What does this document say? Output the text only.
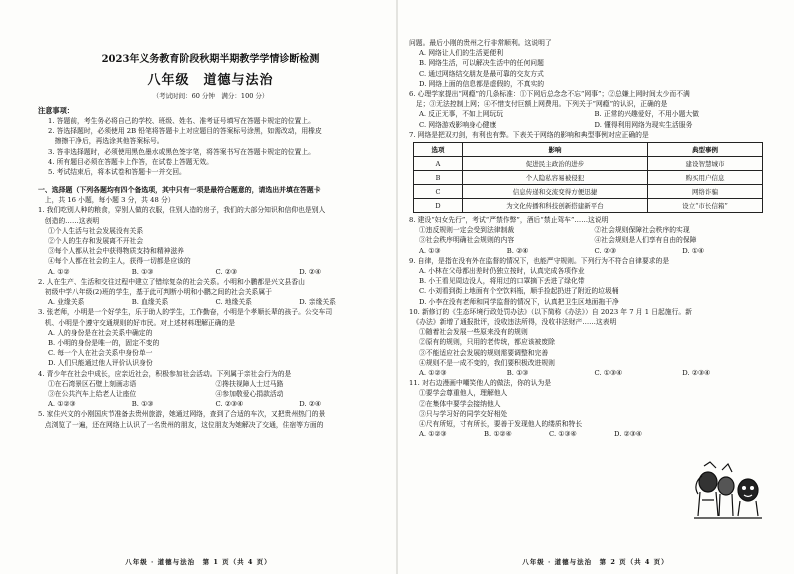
2023年义务教育阶段秋期半期教学学情诊断检测
八年级　道德与法治
（考试时间：60 分钟　满分：100 分）
注意事项：
1. 答题前，考生务必将自己的学校、班级、姓名、准考证号填写在答题卡规定的位置上。
2. 答选择题时，必须使用 2B 铅笔将答题卡上对应题目的答案标号涂黑，如需改动，用橡皮
　擦擦干净后，再选涂其他答案标号。
3. 答非选择题时，必须使用黑色墨水或黑色签字笔，将答案书写在答题卡规定的位置上。
4. 所有题目必须在答题卡上作答，在试卷上答题无效。
5. 考试结束后，将本试卷和答题卡一并交回。
一、选择题（下列各题均有四个备选项，其中只有一项是最符合题意的，请选出并填在答题卡
　上，共 16 小题，每小题 3 分，共 48 分）
1. 我们吃别人种的粮食，穿别人做的衣服，住别人造的房子，我们的大部分知识和信仰也是别人
　创造的……这表明
①个人生活与社会发展没有关系
②个人的生存和发展离不开社会
③每个人都从社会中获得物质支持和精神滋养
④每个人都在社会的主人，获得一切都是应该的
A. ①②	B. ①③	C. ②③	D. ②④
2. 人在生产、生活和交往过程中建立了错综复杂的社会关系。小明和小鹏都是兴文县香山
　初级中学八年级(2)班的学生，基于此可判断小明和小鹏之间的社会关系属于
A. 业缘关系	B. 血缘关系	C. 地缘关系	D. 亲缘关系
3. 张老师，小明是一个好学生，乐于助人的学生，工作勤奋，小明是个孝顺长辈的孩子。公交车司
　机、小明是个遵守交通规则的好市民。对上述材料理解正确的是
A. 人的身份是在社会关系中确定的
B. 小明的身份是唯一的，固定不变的
C. 每一个人在社会关系中身份单一
D. 人们只能通过他人评价认识身份
4. 青少年在社会中成长，应亲近社会，积极参加社会活动。下列属于亲社会行为的是
①在石湾景区石壁上刻画志语	②搀扶视障人士过马路
③在公共汽车上给老人让座位	④参加敬爱心捐款活动
A. ①②③	B. ①③	C. ②③④	D. ②④
5. 家住兴文的小刚国庆节准备去贵州旅游，她通过网络，查到了合适的车次，又把贵州热门的景
　点浏览了一遍，还在网络上认识了一名贵州的朋友，这位朋友为她解决了交通，住宿等方面的
八年级 · 道德与法治　第 1 页（共 4 页）
问题。最后小刚的贵州之行非常顺利。这说明了
A. 网络让人们的生活更便利
B. 网络生活，可以解决生活中的任何问题
C. 通过网络结交朋友是最可靠的交友方式
D. 网络上面的信息都是虚假的，不真实的
6. 心理学家提出“网瘾”的几条标准：①下网后总念念不忘“网事”；②总嫌上网时间太少而不满
　足；③无法控制上网；④不惜支付巨额上网费用。下列关于“网瘾”的认识，正确的是
A. 反正无事，不如上网玩玩	B. 正常的兴趣爱好，不用小题大做
C. 网络游戏影响身心健康	D. 懂得利用网络为现实生活服务
7. 网络是把双刃剑，有利也有弊。下表关于网络的影响和典型事例对应正确的是
选项	影响	典型事例
A	促进民主政治的进步	建设智慧城市
B	个人隐私容易被侵犯	购买用户信息
C	信息传递和交流变得方便迅捷	网络诈骗
D	为文化传播和科技创新搭建新平台	设立“市长信箱”
8. 建设“妇女先行”，考试“严禁作弊”，酒后“禁止驾车”……这说明
①违反规则一定会受到法律制裁	②社会规则保障社会秩序的实现
③社会秩序明确社会规则的内容	④社会规则是人们享有自由的保障
A. ①③	B. ②④	C. ②③	D. ①④
9. 自律，是指在没有外在监督的情况下，也能严守规则。下列行为不符合自律要求的是
A. 小林在父母都出差时仍独立按时，认真完成各项作业
B. 小王看见周边没人，将用过的口罩摘下丢进了绿化带
C. 小刘看到街上地面有个空饮料瓶，顺手捡起扔进了附近的垃圾桶
D. 小李在没有老师和同学监督的情况下，认真把卫生区地面拖干净
10. 新修订的《生态环境行政处罚办法》（以下简称《办法》）自 2023 年 7 月 1 日起施行。新
　《办法》新增了通报批评，没收违法所得，没收非法财产……这表明
①随着社会发展一些原来没有的规则
②原有的规则，只用的老传统，都应该被废除
③不能适应社会发展的规则需要调整和完善
④规则不是一成不变的，我们要积极改进规则
A. ①②③	B. ①③	C. ①③④	D. ②③④
11. 对右边漫画中嘲笑他人的做法，你的认为是
①要学会尊重他人，理解他人
②在集体中要学会接纳他人
③只与学习好的同学交好相处
④尺有所短，寸有所长，要善于发现他人的缕质和特长
A. ①②③	B. ①②④	C. ①③④	D. ②③④
八年级 · 道德与法治　第 2 页（共 4 页）
